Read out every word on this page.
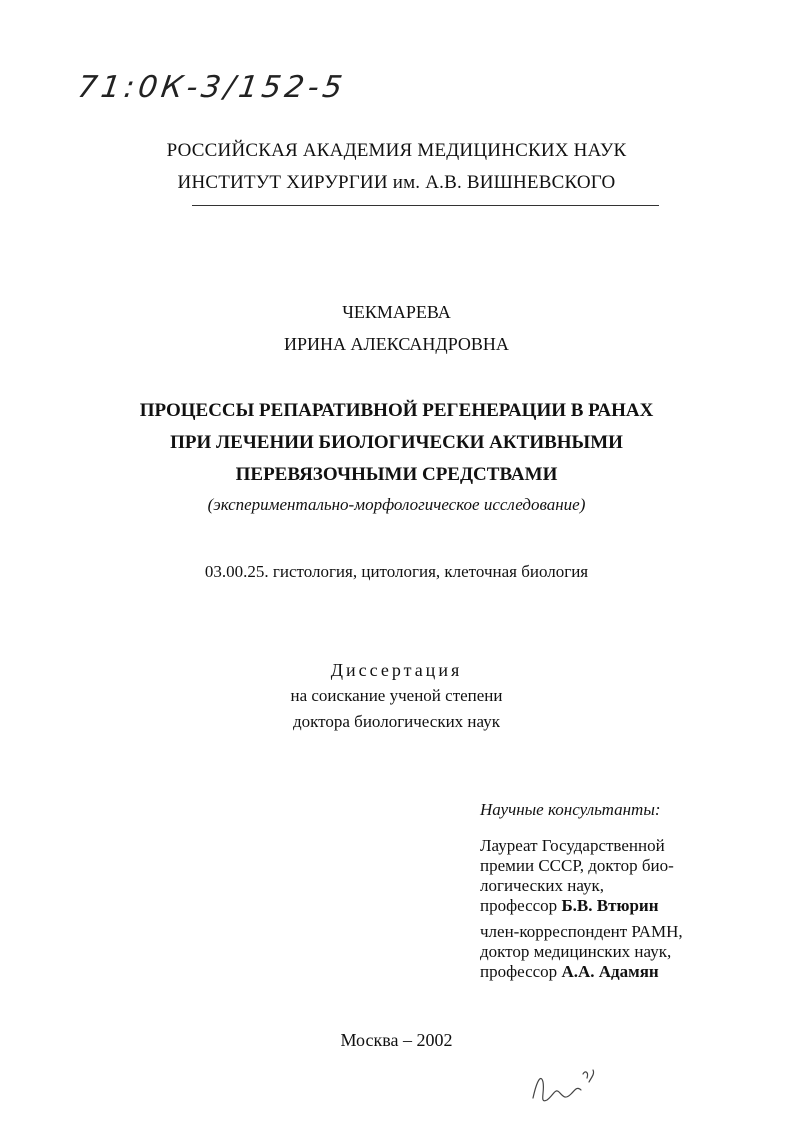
71:0К-3/152-5
РОССИЙСКАЯ АКАДЕМИЯ МЕДИЦИНСКИХ НАУК
ИНСТИТУТ ХИРУРГИИ им. А.В. ВИШНЕВСКОГО
ЧЕКМАРЕВА
ИРИНА АЛЕКСАНДРОВНА
ПРОЦЕССЫ РЕПАРАТИВНОЙ РЕГЕНЕРАЦИИ В РАНАХ
ПРИ ЛЕЧЕНИИ БИОЛОГИЧЕСКИ АКТИВНЫМИ
ПЕРЕВЯЗОЧНЫМИ СРЕДСТВАМИ
(экспериментально-морфологическое исследование)
03.00.25. гистология, цитология, клеточная биология
Диссертация
на соискание ученой степени
доктора биологических наук
Научные консультанты:
Лауреат Государственной
премии СССР, доктор био-
логических наук,
профессор Б.В. Втюрин
член-корреспондент РАМН,
доктор медицинских наук,
профессор А.А. Адамян
Москва – 2002
